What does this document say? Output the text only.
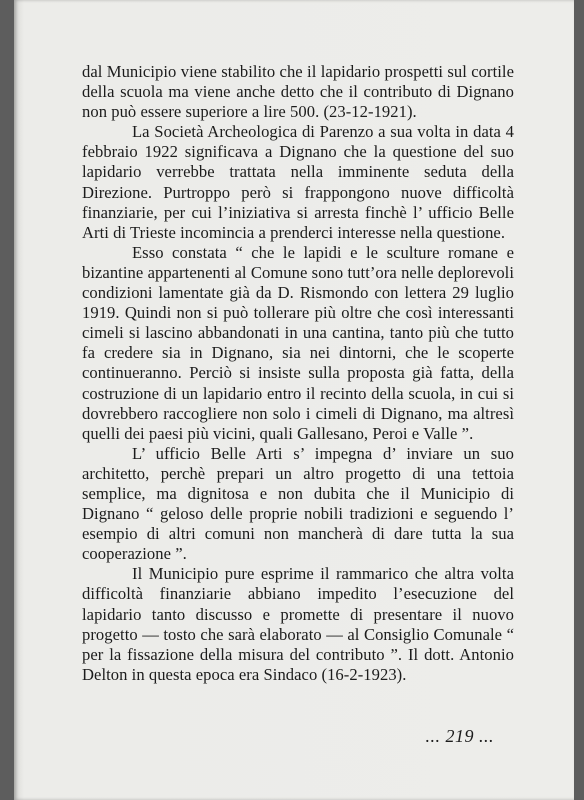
dal Municipio viene stabilito che il lapidario prospetti sul cortile della scuola ma viene anche detto che il contributo di Dignano non può essere superiore a lire 500. (23-12-1921).

La Società Archeologica di Parenzo a sua volta in data 4 febbraio 1922 significava a Dignano che la questione del suo lapidario verrebbe trattata nella imminente seduta della Direzione. Purtroppo però si frappongono nuove difficoltà finanziarie, per cui l’iniziativa si arresta finchè l’ ufficio Belle Arti di Trieste incomincia a prenderci interesse nella questione.

Esso constata “ che le lapidi e le sculture romane e bizantine appartenenti al Comune sono tutt’ora nelle deplorevoli condizioni lamentate già da D. Rismondo con lettera 29 luglio 1919. Quindi non si può tollerare più oltre che così interessanti cimeli si lascino abbandonati in una cantina, tanto più che tutto fa credere sia in Dignano, sia nei dintorni, che le scoperte continueranno. Perciò si insiste sulla proposta già fatta, della costruzione di un lapidario entro il recinto della scuola, in cui si dovrebbero raccogliere non solo i cimeli di Dignano, ma altresì quelli dei paesi più vicini, quali Gallesano, Peroi e Valle ”.

L’ ufficio Belle Arti s’ impegna d’ inviare un suo architetto, perchè prepari un altro progetto di una tettoia semplice, ma dignitosa e non dubita che il Municipio di Dignano “ geloso delle proprie nobili tradizioni e seguendo l’ esempio di altri comuni non mancherà di dare tutta la sua cooperazione ”.

Il Municipio pure esprime il rammarico che altra volta difficoltà finanziarie abbiano impedito l’esecuzione del lapidario tanto discusso e promette di presentare il nuovo progetto — tosto che sarà elaborato — al Consiglio Comunale “ per la fissazione della misura del contributo ”. Il dott. Antonio Delton in questa epoca era Sindaco (16-2-1923).

... 219 ...
